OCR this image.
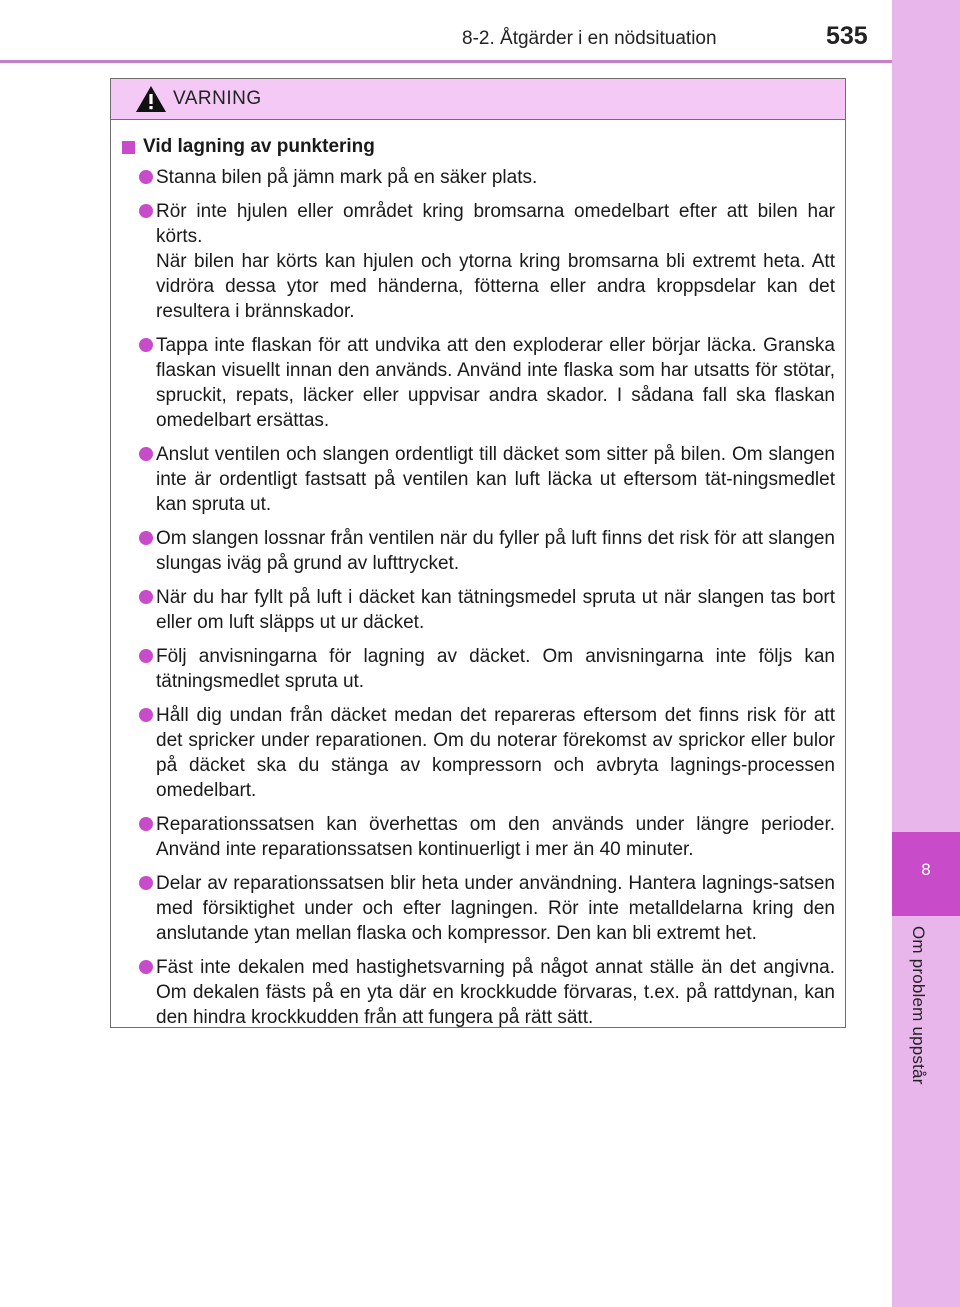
8-2. Åtgärder i en nödsituation	535
8
Om problem uppstår
VARNING
Vid lagning av punktering
Stanna bilen på jämn mark på en säker plats.
Rör inte hjulen eller området kring bromsarna omedelbart efter att bilen har körts.
När bilen har körts kan hjulen och ytorna kring bromsarna bli extremt heta. Att vidröra dessa ytor med händerna, fötterna eller andra kroppsdelar kan det resultera i brännskador.
Tappa inte flaskan för att undvika att den exploderar eller börjar läcka. Granska flaskan visuellt innan den används. Använd inte flaska som har utsatts för stötar, spruckit, repats, läcker eller uppvisar andra skador. I sådana fall ska flaskan omedelbart ersättas.
Anslut ventilen och slangen ordentligt till däcket som sitter på bilen. Om slangen inte är ordentligt fastsatt på ventilen kan luft läcka ut eftersom tät-ningsmedlet kan spruta ut.
Om slangen lossnar från ventilen när du fyller på luft finns det risk för att slangen slungas iväg på grund av lufttrycket.
När du har fyllt på luft i däcket kan tätningsmedel spruta ut när slangen tas bort eller om luft släpps ut ur däcket.
Följ anvisningarna för lagning av däcket. Om anvisningarna inte följs kan tätningsmedlet spruta ut.
Håll dig undan från däcket medan det repareras eftersom det finns risk för att det spricker under reparationen. Om du noterar förekomst av sprickor eller bulor på däcket ska du stänga av kompressorn och avbryta lagnings-processen omedelbart.
Reparationssatsen kan överhettas om den används under längre perioder. Använd inte reparationssatsen kontinuerligt i mer än 40 minuter.
Delar av reparationssatsen blir heta under användning. Hantera lagnings-satsen med försiktighet under och efter lagningen. Rör inte metalldelarna kring den anslutande ytan mellan flaska och kompressor. Den kan bli extremt het.
Fäst inte dekalen med hastighetsvarning på något annat ställe än det angivna. Om dekalen fästs på en yta där en krockkudde förvaras, t.ex. på rattdynan, kan den hindra krockkudden från att fungera på rätt sätt.
